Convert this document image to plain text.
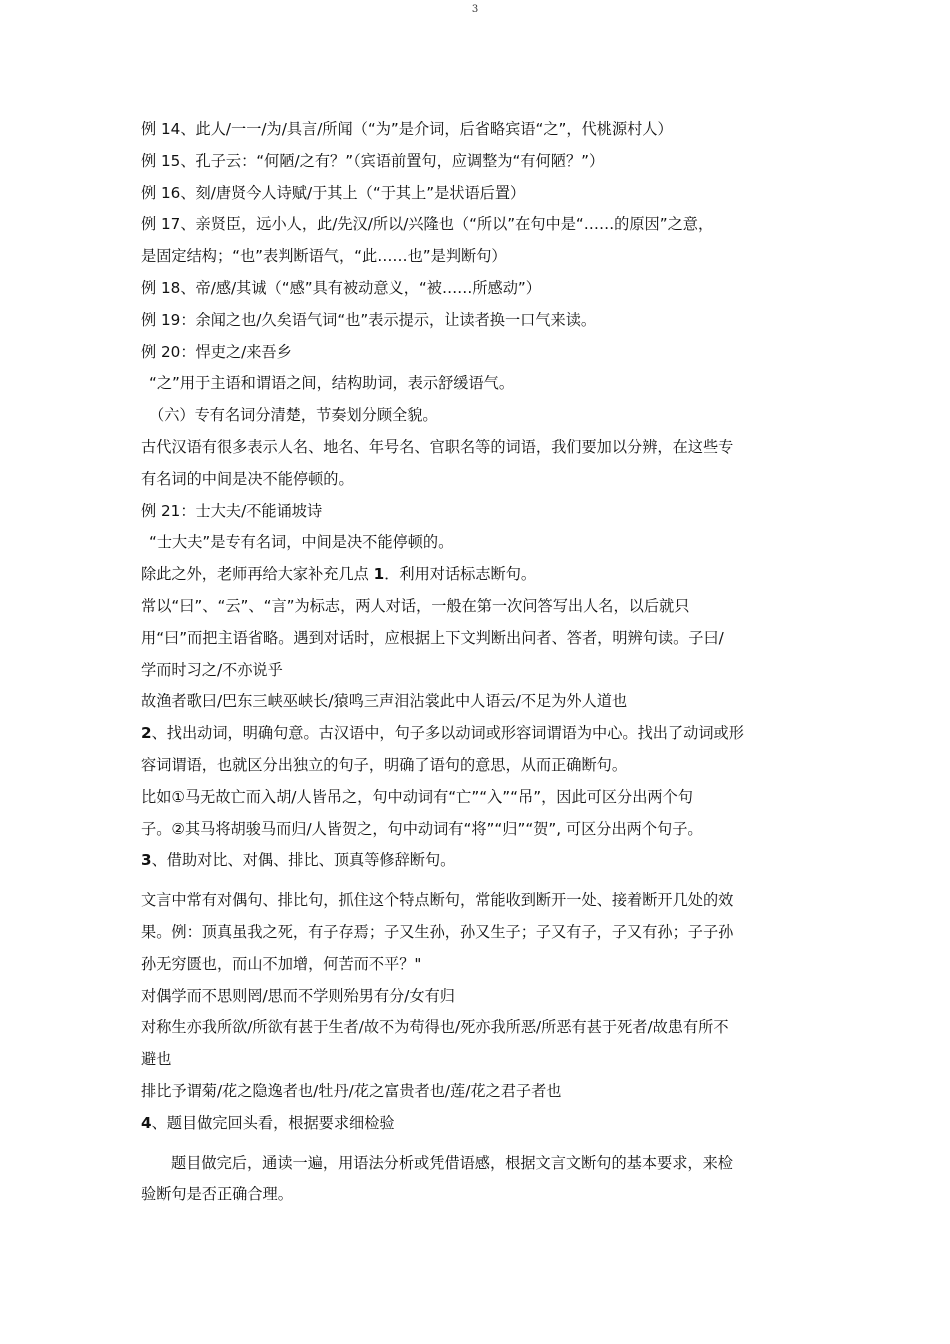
3
例 14、此人/一一/为/具言/所闻（“为”是介词，后省略宾语“之”，代桃源村人）
例 15、孔子云：“何陋/之有？”（宾语前置句，应调整为“有何陋？”）
例 16、刻/唐贤今人诗赋/于其上（“于其上”是状语后置）
例 17、亲贤臣，远小人，此/先汉/所以/兴隆也（“所以”在句中是“……的原因”之意，
是固定结构；“也”表判断语气，“此……也”是判断句）
例 18、帝/感/其诚（“感”具有被动意义，“被……所感动”）
例 19：余闻之也/久矣语气词“也”表示提示，让读者换一口气来读。
例 20：悍吏之/来吾乡
“之”用于主语和谓语之间，结构助词，表示舒缓语气。
（六）专有名词分清楚，节奏划分顾全貌。
古代汉语有很多表示人名、地名、年号名、官职名等的词语，我们要加以分辨，在这些专
有名词的中间是决不能停顿的。
例 21：士大夫/不能诵坡诗
“士大夫”是专有名词，中间是决不能停顿的。
除此之外，老师再给大家补充几点 1．利用对话标志断句。
常以“曰”、“云”、“言”为标志，两人对话，一般在第一次问答写出人名，以后就只
用“曰”而把主语省略。遇到对话时，应根据上下文判断出问者、答者，明辨句读。子曰/
学而时习之/不亦说乎
故渔者歌曰/巴东三峡巫峡长/猿鸣三声泪沾裳此中人语云/不足为外人道也
2、找出动词，明确句意。古汉语中，句子多以动词或形容词谓语为中心。找出了动词或形
容词谓语，也就区分出独立的句子，明确了语句的意思，从而正确断句。
比如①马无故亡而入胡/人皆吊之，句中动词有“亡”“入”“吊”，因此可区分出两个句
子。②其马将胡骏马而归/人皆贺之，句中动词有“将”“归”“贺”, 可区分出两个句子。
3、借助对比、对偶、排比、顶真等修辞断句。
文言中常有对偶句、排比句，抓住这个特点断句，常能收到断开一处、接着断开几处的效
果。例：顶真虽我之死，有子存焉；子又生孙，孙又生子；子又有子，子又有孙；子子孙
孙无穷匮也，而山不加增，何苦而不平？"
对偶学而不思则罔/思而不学则殆男有分/女有归
对称生亦我所欲/所欲有甚于生者/故不为苟得也/死亦我所恶/所恶有甚于死者/故患有所不
避也
排比予谓菊/花之隐逸者也/牡丹/花之富贵者也/莲/花之君子者也
4、题目做完回头看，根据要求细检验
题目做完后，通读一遍，用语法分析或凭借语感，根据文言文断句的基本要求，来检
验断句是否正确合理。
